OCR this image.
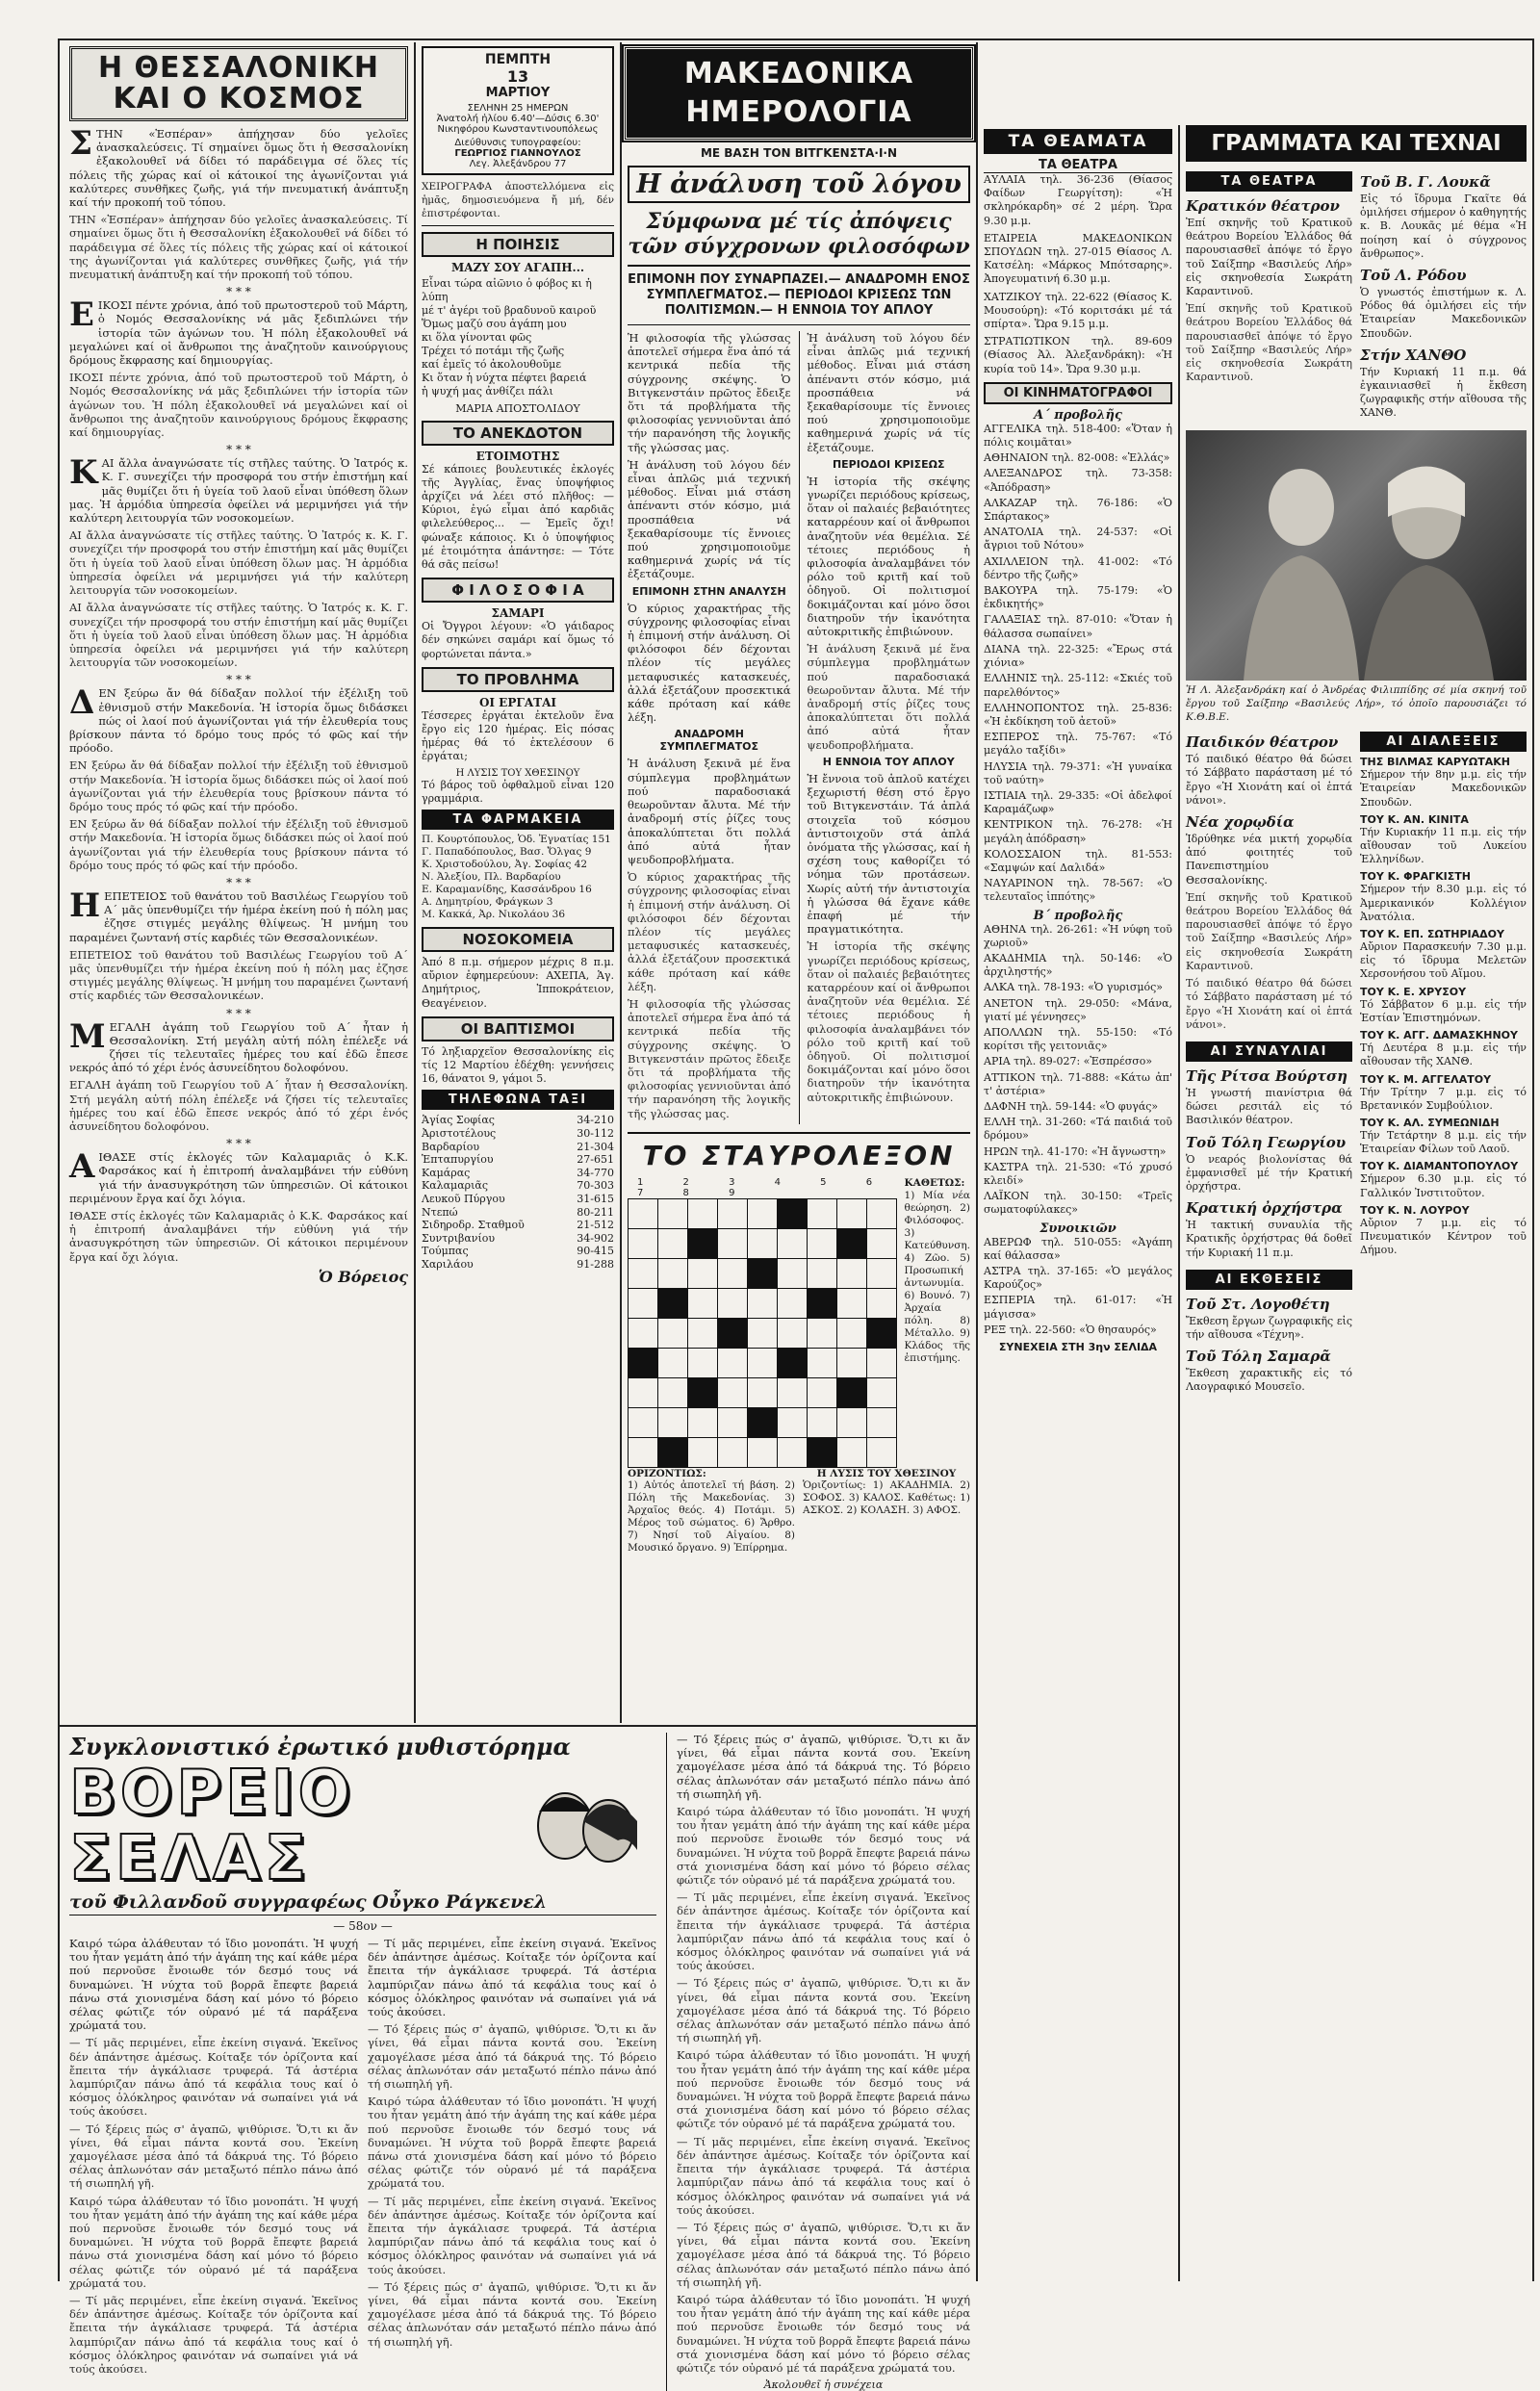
Η ΘΕΣΣΑΛΟΝΙΚΗ ΚΑΙ Ο ΚΟΣΜΟΣ

ΣΤΗΝ «Ἑσπέραν» ἀπήχησαν δύο γελοῖες ἀνασκαλεύσεις. Τί σημαίνει ὅμως ὅτι ἡ Θεσσαλονίκη ἐξακολουθεῖ νά δίδει τό παράδειγμα σέ ὅλες τίς πόλεις τῆς χώρας καί οἱ κάτοικοί της ἀγωνίζονται γιά καλύτερες συνθῆκες ζωῆς, γιά τήν πνευματική ἀνάπτυξη καί τήν προκοπή τοῦ τόπου.

ΤΗΝ «Ἑσπέραν» ἀπήχησαν δύο γελοῖες ἀνασκαλεύσεις. Τί σημαίνει ὅμως ὅτι ἡ Θεσσαλονίκη ἐξακολουθεῖ νά δίδει τό παράδειγμα σέ ὅλες τίς πόλεις τῆς χώρας καί οἱ κάτοικοί της ἀγωνίζονται γιά καλύτερες συνθῆκες ζωῆς, γιά τήν πνευματική ἀνάπτυξη καί τήν προκοπή τοῦ τόπου.

* * *

ΕΙΚΟΣΙ πέντε χρόνια, ἀπό τοῦ πρωτοστεροῦ τοῦ Μάρτη, ὁ Νομός Θεσσαλονίκης νά μᾶς ξεδιπλώνει τήν ἱστορία τῶν ἀγώνων του. Ἡ πόλη ἐξακολουθεῖ νά μεγαλώνει καί οἱ ἄνθρωποι της ἀναζητοῦν καινούργιους δρόμους ἔκφρασης καί δημιουργίας.

ΙΚΟΣΙ πέντε χρόνια, ἀπό τοῦ πρωτοστεροῦ τοῦ Μάρτη, ὁ Νομός Θεσσαλονίκης νά μᾶς ξεδιπλώνει τήν ἱστορία τῶν ἀγώνων του. Ἡ πόλη ἐξακολουθεῖ νά μεγαλώνει καί οἱ ἄνθρωποι της ἀναζητοῦν καινούργιους δρόμους ἔκφρασης καί δημιουργίας.

* * *

ΚΑΙ ἄλλα ἀναγνώσατε τίς στῆλες ταύτης. Ὁ Ἰατρός κ. Κ. Γ. συνεχίζει τήν προσφορά του στήν ἐπιστήμη καί μᾶς θυμίζει ὅτι ἡ ὑγεία τοῦ λαοῦ εἶναι ὑπόθεση ὅλων μας. Ἡ ἀρμόδια ὑπηρεσία ὀφείλει νά μεριμνήσει γιά τήν καλύτερη λειτουργία τῶν νοσοκομείων.

ΑΙ ἄλλα ἀναγνώσατε τίς στῆλες ταύτης. Ὁ Ἰατρός κ. Κ. Γ. συνεχίζει τήν προσφορά του στήν ἐπιστήμη καί μᾶς θυμίζει ὅτι ἡ ὑγεία τοῦ λαοῦ εἶναι ὑπόθεση ὅλων μας. Ἡ ἀρμόδια ὑπηρεσία ὀφείλει νά μεριμνήσει γιά τήν καλύτερη λειτουργία τῶν νοσοκομείων.

ΑΙ ἄλλα ἀναγνώσατε τίς στῆλες ταύτης. Ὁ Ἰατρός κ. Κ. Γ. συνεχίζει τήν προσφορά του στήν ἐπιστήμη καί μᾶς θυμίζει ὅτι ἡ ὑγεία τοῦ λαοῦ εἶναι ὑπόθεση ὅλων μας. Ἡ ἀρμόδια ὑπηρεσία ὀφείλει νά μεριμνήσει γιά τήν καλύτερη λειτουργία τῶν νοσοκομείων.

* * *

ΔΕΝ ξεύρω ἄν θά δίδαξαν πολλοί τήν ἐξέλιξη τοῦ ἐθνισμοῦ στήν Μακεδονία. Ἡ ἱστορία ὅμως διδάσκει πώς οἱ λαοί πού ἀγωνίζονται γιά τήν ἐλευθερία τους βρίσκουν πάντα τό δρόμο τους πρός τό φῶς καί τήν πρόοδο.

ΕΝ ξεύρω ἄν θά δίδαξαν πολλοί τήν ἐξέλιξη τοῦ ἐθνισμοῦ στήν Μακεδονία. Ἡ ἱστορία ὅμως διδάσκει πώς οἱ λαοί πού ἀγωνίζονται γιά τήν ἐλευθερία τους βρίσκουν πάντα τό δρόμο τους πρός τό φῶς καί τήν πρόοδο.

ΕΝ ξεύρω ἄν θά δίδαξαν πολλοί τήν ἐξέλιξη τοῦ ἐθνισμοῦ στήν Μακεδονία. Ἡ ἱστορία ὅμως διδάσκει πώς οἱ λαοί πού ἀγωνίζονται γιά τήν ἐλευθερία τους βρίσκουν πάντα τό δρόμο τους πρός τό φῶς καί τήν πρόοδο.

* * *

ΗΕΠΕΤΕΙΟΣ τοῦ θανάτου τοῦ Βασιλέως Γεωργίου τοῦ Α΄ μᾶς ὑπενθυμίζει τήν ἡμέρα ἐκείνη πού ἡ πόλη μας ἐζησε στιγμές μεγάλης θλίψεως. Ἡ μνήμη του παραμένει ζωντανή στίς καρδιές τῶν Θεσσαλονικέων.

ΕΠΕΤΕΙΟΣ τοῦ θανάτου τοῦ Βασιλέως Γεωργίου τοῦ Α΄ μᾶς ὑπενθυμίζει τήν ἡμέρα ἐκείνη πού ἡ πόλη μας ἐζησε στιγμές μεγάλης θλίψεως. Ἡ μνήμη του παραμένει ζωντανή στίς καρδιές τῶν Θεσσαλονικέων.

* * *

ΜΕΓΑΛΗ ἀγάπη τοῦ Γεωργίου τοῦ Α΄ ἦταν ἡ Θεσσαλονίκη. Στή μεγάλη αὐτή πόλη ἐπέλεξε νά ζήσει τίς τελευταῖες ἡμέρες του καί ἐδῶ ἔπεσε νεκρός ἀπό τό χέρι ἑνός ἀσυνείδητου δολοφόνου.

ΕΓΑΛΗ ἀγάπη τοῦ Γεωργίου τοῦ Α΄ ἦταν ἡ Θεσσαλονίκη. Στή μεγάλη αὐτή πόλη ἐπέλεξε νά ζήσει τίς τελευταῖες ἡμέρες του καί ἐδῶ ἔπεσε νεκρός ἀπό τό χέρι ἑνός ἀσυνείδητου δολοφόνου.

* * *

ΑΙΘΑΣΕ στίς ἐκλογές τῶν Καλαμαριᾶς ὁ Κ.Κ. Φαρσάκος καί ἡ ἐπιτροπή ἀναλαμβάνει τήν εὐθύνη γιά τήν ἀνασυγκρότηση τῶν ὑπηρεσιῶν. Οἱ κάτοικοι περιμένουν ἔργα καί ὄχι λόγια.

ΙΘΑΣΕ στίς ἐκλογές τῶν Καλαμαριᾶς ὁ Κ.Κ. Φαρσάκος καί ἡ ἐπιτροπή ἀναλαμβάνει τήν εὐθύνη γιά τήν ἀνασυγκρότηση τῶν ὑπηρεσιῶν. Οἱ κάτοικοι περιμένουν ἔργα καί ὄχι λόγια.

Ὁ Βόρειος
ΠΕΜΠΤΗ
13
ΜΑΡΤΙΟΥ
ΣΕΛΗΝΗ 25 ΗΜΕΡΩΝ
Ἀνατολή ἡλίου 6.40'—Δύσις 6.30'
Νικηφόρου Κωνσταντινουπόλεως
Διεύθυνσις τυπογραφείου:
ΓΕΩΡΓΙΟΣ ΓΙΑΝΝΟΥΛΟΣ
Λεγ. Ἀλεξάνδρου 77

ΧΕΙΡΟΓΡΑΦΑ ἀποστελλόμενα εἰς ἡμᾶς, δημοσιευόμενα ἤ μή, δέν ἐπιστρέφονται.

Η ΠΟΙΗΣΙΣ
ΜΑΖΥ ΣΟΥ ΑΓΑΠΗ...
Εἶναι τώρα αἰῶνιο ὁ φόβος κι ἡ λύπη
μέ τ' ἀγέρι τοῦ βραδυνοῦ καιροῦ
Ὅμως μαζύ σου ἀγάπη μου
κι ὅλα γίνονται φῶς
Τρέχει τό ποτάμι τῆς ζωῆς
καί ἐμεῖς τό ἀκολουθοῦμε
Κι ὅταν ἡ νύχτα πέφτει βαρειά
ἡ ψυχή μας ἀνθίζει πάλι
ΜΑΡΙΑ ΑΠΟΣΤΟΛΙΔΟΥ
ΤΟ ΑΝΕΚΔΟΤΟΝ
ΕΤΟΙΜΟΤΗΣ

Σέ κάποιες βουλευτικές ἐκλογές τῆς Ἀγγλίας, ἕνας ὑποψήφιος ἀρχίζει νά λέει στό πλῆθος: — Κύριοι, ἐγώ εἶμαι ἀπό καρδιᾶς φιλελεύθερος... — Ἐμεῖς ὄχι! φώναξε κάποιος. Κι ὁ ὑποψήφιος μέ ἑτοιμότητα ἀπάντησε: — Τότε θά σᾶς πείσω!

Φ Ι Λ Ο Σ Ο Φ Ι Α
ΣΑΜΑΡΙ

Οἱ Ὄγγροι λέγουν: «Ὁ γάιδαρος δέν σηκώνει σαμάρι καί ὅμως τό φορτώνεται πάντα.»

ΤΟ ΠΡΟΒΛΗΜΑ
ΟΙ ΕΡΓΑΤΑΙ

Τέσσερες ἐργάται ἐκτελοῦν ἕνα ἔργο εἰς 120 ἡμέρας. Εἰς πόσας ἡμέρας θά τό ἐκτελέσουν 6 ἐργάται;

Η ΛΥΣΙΣ ΤΟΥ ΧΘΕΣΙΝΟΥ

Τό βάρος τοῦ ὀφθαλμοῦ εἶναι 120 γραμμάρια.

ΤΑ ΦΑΡΜΑΚΕΙΑ
Π. Κουρτόπουλος, Ὁδ. Ἐγνατίας 151
Γ. Παπαδόπουλος, Βασ. Ὄλγας 9
Κ. Χριστοδούλου, Ἀγ. Σοφίας 42
Ν. Ἀλεξίου, Πλ. Βαρδαρίου
Ε. Καραμανίδης, Κασσάνδρου 16
Α. Δημητρίου, Φράγκων 3
Μ. Κακκά, Ἀρ. Νικολάου 36
ΝΟΣΟΚΟΜΕΙΑ

Ἀπό 8 π.μ. σήμερον μέχρις 8 π.μ. αὔριον ἐφημερεύουν: ΑΧΕΠΑ, Ἁγ. Δημήτριος, Ἱπποκράτειον, Θεαγένειον.

ΟΙ ΒΑΠΤΙΣΜΟΙ

Τό ληξιαρχεῖον Θεσσαλονίκης εἰς τίς 12 Μαρτίου ἐδέχθη: γεννήσεις 16, θάνατοι 9, γάμοι 5.

ΤΗΛΕΦΩΝΑ ΤΑΞΙ
Ἁγίας Σοφίας	34-210
Ἀριστοτέλους	30-112
Βαρδαρίου	21-304
Ἑπταπυργίου	27-651
Καμάρας	34-770
Καλαμαριᾶς	70-303
Λευκοῦ Πύργου	31-615
Ντεπώ	80-211
Σιδηροδρ. Σταθμοῦ	21-512
Συντριβανίου	34-902
Τούμπας	90-415
Χαριλάου	91-288
ΜΑΚΕΔΟΝΙΚΑ ΗΜΕΡΟΛΟΓΙΑ
ΜΕ ΒΑΣΗ ΤΟΝ ΒΙΤΓΚΕΝΣΤΑ·Ι·Ν
Η ἀνάλυση τοῦ λόγου
Σύμφωνα μέ τίς ἀπόψεις τῶν σύγχρονων φιλοσόφων
ΕΠΙΜΟΝΗ ΠΟΥ ΣΥΝΑΡΠΑΖΕΙ.— ΑΝΑΔΡΟΜΗ ΕΝΟΣ ΣΥΜΠΛΕΓΜΑΤΟΣ.— ΠΕΡΙΟΔΟΙ ΚΡΙΣΕΩΣ ΤΩΝ ΠΟΛΙΤΙΣΜΩΝ.— Η ΕΝΝΟΙΑ ΤΟΥ ΑΠΛΟΥ

Ἡ φιλοσοφία τῆς γλώσσας ἀποτελεῖ σήμερα ἕνα ἀπό τά κεντρικά πεδία τῆς σύγχρονης σκέψης. Ὁ Βιτγκενστάιν πρῶτος ἔδειξε ὅτι τά προβλήματα τῆς φιλοσοφίας γεννιοῦνται ἀπό τήν παρανόηση τῆς λογικῆς τῆς γλώσσας μας.

Ἡ ἀνάλυση τοῦ λόγου δέν εἶναι ἁπλῶς μιά τεχνική μέθοδος. Εἶναι μιά στάση ἀπέναντι στόν κόσμο, μιά προσπάθεια νά ξεκαθαρίσουμε τίς ἔννοιες πού χρησιμοποιοῦμε καθημερινά χωρίς νά τίς ἐξετάζουμε.

ΕΠΙΜΟΝΗ ΣΤΗΝ ΑΝΑΛΥΣΗ

Ὁ κύριος χαρακτήρας τῆς σύγχρονης φιλοσοφίας εἶναι ἡ ἐπιμονή στήν ἀνάλυση. Οἱ φιλόσοφοι δέν δέχονται πλέον τίς μεγάλες μεταφυσικές κατασκευές, ἀλλά ἐξετάζουν προσεκτικά κάθε πρόταση καί κάθε λέξη.

ΑΝΑΔΡΟΜΗ ΣΥΜΠΛΕΓΜΑΤΟΣ

Ἡ ἀνάλυση ξεκινᾶ μέ ἕνα σύμπλεγμα προβλημάτων πού παραδοσιακά θεωροῦνταν ἄλυτα. Μέ τήν ἀναδρομή στίς ῥίζες τους ἀποκαλύπτεται ὅτι πολλά ἀπό αὐτά ἦταν ψευδοπροβλήματα.

Ὁ κύριος χαρακτήρας τῆς σύγχρονης φιλοσοφίας εἶναι ἡ ἐπιμονή στήν ἀνάλυση. Οἱ φιλόσοφοι δέν δέχονται πλέον τίς μεγάλες μεταφυσικές κατασκευές, ἀλλά ἐξετάζουν προσεκτικά κάθε πρόταση καί κάθε λέξη.

Ἡ φιλοσοφία τῆς γλώσσας ἀποτελεῖ σήμερα ἕνα ἀπό τά κεντρικά πεδία τῆς σύγχρονης σκέψης. Ὁ Βιτγκενστάιν πρῶτος ἔδειξε ὅτι τά προβλήματα τῆς φιλοσοφίας γεννιοῦνται ἀπό τήν παρανόηση τῆς λογικῆς τῆς γλώσσας μας.

Ἡ ἀνάλυση τοῦ λόγου δέν εἶναι ἁπλῶς μιά τεχνική μέθοδος. Εἶναι μιά στάση ἀπέναντι στόν κόσμο, μιά προσπάθεια νά ξεκαθαρίσουμε τίς ἔννοιες πού χρησιμοποιοῦμε καθημερινά χωρίς νά τίς ἐξετάζουμε.

ΠΕΡΙΟΔΟΙ ΚΡΙΣΕΩΣ

Ἡ ἱστορία τῆς σκέψης γνωρίζει περιόδους κρίσεως, ὅταν οἱ παλαιές βεβαιότητες καταρρέουν καί οἱ ἄνθρωποι ἀναζητοῦν νέα θεμέλια. Σέ τέτοιες περιόδους ἡ φιλοσοφία ἀναλαμβάνει τόν ρόλο τοῦ κριτῆ καί τοῦ ὁδηγοῦ. Οἱ πολιτισμοί δοκιμάζονται καί μόνο ὅσοι διατηροῦν τήν ἱκανότητα αὐτοκριτικῆς ἐπιβιώνουν.

Ἡ ἀνάλυση ξεκινᾶ μέ ἕνα σύμπλεγμα προβλημάτων πού παραδοσιακά θεωροῦνταν ἄλυτα. Μέ τήν ἀναδρομή στίς ῥίζες τους ἀποκαλύπτεται ὅτι πολλά ἀπό αὐτά ἦταν ψευδοπροβλήματα.

Η ΕΝΝΟΙΑ ΤΟΥ ΑΠΛΟΥ

Ἡ ἔννοια τοῦ ἁπλοῦ κατέχει ξεχωριστή θέση στό ἔργο τοῦ Βιτγκενστάιν. Τά ἁπλά στοιχεῖα τοῦ κόσμου ἀντιστοιχοῦν στά ἁπλά ὀνόματα τῆς γλώσσας, καί ἡ σχέση τους καθορίζει τό νόημα τῶν προτάσεων. Χωρίς αὐτή τήν ἀντιστοιχία ἡ γλώσσα θά ἔχανε κάθε ἐπαφή μέ τήν πραγματικότητα.

Ἡ ἱστορία τῆς σκέψης γνωρίζει περιόδους κρίσεως, ὅταν οἱ παλαιές βεβαιότητες καταρρέουν καί οἱ ἄνθρωποι ἀναζητοῦν νέα θεμέλια. Σέ τέτοιες περιόδους ἡ φιλοσοφία ἀναλαμβάνει τόν ρόλο τοῦ κριτῆ καί τοῦ ὁδηγοῦ. Οἱ πολιτισμοί δοκιμάζονται καί μόνο ὅσοι διατηροῦν τήν ἱκανότητα αὐτοκριτικῆς ἐπιβιώνουν.

ΤΟ ΣΤΑΥΡΟΛΕΞΟΝ
1 2 3 4 5 6 7 8 9

ΚΑΘΕΤΩΣ:

1) Μία νέα θεώρηση. 2) Φιλόσοφος. 3) Κατεύθυνση. 4) Ζῶο. 5) Προσωπική ἀντωνυμία. 6) Βουνό. 7) Ἀρχαία πόλη. 8) Μέταλλο. 9) Κλάδος τῆς ἐπιστήμης.

ΟΡΙΖΟΝΤΙΩΣ:

1) Αὐτός ἀποτελεῖ τή βάση. 2) Πόλη τῆς Μακεδονίας. 3) Ἀρχαῖος θεός. 4) Ποτάμι. 5) Μέρος τοῦ σώματος. 6) Ἄρθρο. 7) Νησί τοῦ Αἰγαίου. 8) Μουσικό ὄργανο. 9) Ἐπίρρημα.

Η ΛΥΣΙΣ ΤΟΥ ΧΘΕΣΙΝΟΥ

Ὁριζοντίως: 1) ΑΚΑΔΗΜΙΑ. 2) ΣΟΦΟΣ. 3) ΚΑΛΟΣ. Καθέτως: 1) ΑΣΚΟΣ. 2) ΚΟΛΑΣΗ. 3) ΑΦΟΣ.

ΤΑ ΘΕΑΜΑΤΑ
ΤΑ ΘΕΑΤΡΑ

ΑΥΛΑΙΑ τηλ. 36-236 (Θίασος Φαίδων Γεωργίτση): «Ἡ σκληρόκαρδη» σέ 2 μέρη. Ὥρα 9.30 μ.μ.

ΕΤΑΙΡΕΙΑ ΜΑΚΕΔΟΝΙΚΩΝ ΣΠΟΥΔΩΝ τηλ. 27-015 Θίασος Λ. Κατσέλη: «Μάρκος Μπότσαρης». Ἀπογευματινή 6.30 μ.μ.

ΧΑΤΖΙΚΟΥ τηλ. 22-622 (Θίασος Κ. Μουσούρη): «Τό κοριτσάκι μέ τά σπίρτα». Ὥρα 9.15 μ.μ.

ΣΤΡΑΤΙΩΤΙΚΟΝ τηλ. 89-609 (Θίασος Ἀλ. Ἀλεξανδράκη): «Ἡ κυρία τοῦ 14». Ὥρα 9.30 μ.μ.

ΟΙ ΚΙΝΗΜΑΤΟΓΡΑΦΟΙ
Α΄ προβολῆς

ΑΓΓΕΛΙΚΑ τηλ. 518-400: «Ὅταν ἡ πόλις κοιμᾶται»

ΑΘΗΝΑΙΟΝ τηλ. 82-008: «Ἑλλάς»

ΑΛΕΞΑΝΔΡΟΣ τηλ. 73-358: «Ἀπόδραση»

ΑΛΚΑΖΑΡ τηλ. 76-186: «Ὁ Σπάρτακος»

ΑΝΑΤΟΛΙΑ τηλ. 24-537: «Οἱ ἄγριοι τοῦ Νότου»

ΑΧΙΛΛΕΙΟΝ τηλ. 41-002: «Τό δέντρο τῆς ζωῆς»

ΒΑΚΟΥΡΑ τηλ. 75-179: «Ὁ ἐκδικητής»

ΓΑΛΑΞΙΑΣ τηλ. 87-010: «Ὅταν ἡ θάλασσα σωπαίνει»

ΔΙΑΝΑ τηλ. 22-325: «Ἔρως στά χιόνια»

ΕΛΛΗΝΙΣ τηλ. 25-112: «Σκιές τοῦ παρελθόντος»

ΕΛΛΗΝΟΠΟΝΤΟΣ τηλ. 25-836: «Ἡ ἐκδίκηση τοῦ ἀετοῦ»

ΕΣΠΕΡΟΣ τηλ. 75-767: «Τό μεγάλο ταξίδι»

ΗΛΥΣΙΑ τηλ. 79-371: «Ἡ γυναίκα τοῦ ναύτη»

ΙΣΤΙΑΙΑ τηλ. 29-335: «Οἱ ἀδελφοί Καραμάζωφ»

ΚΕΝΤΡΙΚΟΝ τηλ. 76-278: «Ἡ μεγάλη ἀπόδραση»

ΚΟΛΟΣΣΑΙΟΝ τηλ. 81-553: «Σαμψών καί Δαλιδά»

ΝΑΥΑΡΙΝΟΝ τηλ. 78-567: «Ὁ τελευταῖος ἱππότης»

Β΄ προβολῆς

ΑΘΗΝΑ τηλ. 26-261: «Ἡ νύφη τοῦ χωριοῦ»

ΑΚΑΔΗΜΙΑ τηλ. 50-146: «Ὁ ἀρχιληστής»

ΑΛΚΑ τηλ. 78-193: «Ὁ γυρισμός»

ΑΝΕΤΟΝ τηλ. 29-050: «Μάνα, γιατί μέ γέννησες»

ΑΠΟΛΛΩΝ τηλ. 55-150: «Τό κορίτσι τῆς γειτονιᾶς»

ΑΡΙΑ τηλ. 89-027: «Ἐσπρέσσο»

ΑΤΤΙΚΟΝ τηλ. 71-888: «Κάτω ἀπ' τ' ἀστέρια»

ΔΑΦΝΗ τηλ. 59-144: «Ὁ φυγάς»

ΕΛΛΗ τηλ. 31-260: «Τά παιδιά τοῦ δρόμου»

ΗΡΩΝ τηλ. 41-170: «Ἡ ἄγνωστη»

ΚΑΣΤΡΑ τηλ. 21-530: «Τό χρυσό κλειδί»

ΛΑΪΚΟΝ τηλ. 30-150: «Τρεῖς σωματοφύλακες»

Συνοικιῶν

ΑΒΕΡΩΦ τηλ. 510-055: «Ἀγάπη καί θάλασσα»

ΑΣΤΡΑ τηλ. 37-165: «Ὁ μεγάλος Καρούζος»

ΕΣΠΕΡΙΑ τηλ. 61-017: «Ἡ μάγισσα»

ΡΕΞ τηλ. 22-560: «Ὁ θησαυρός»

ΣΥΝΕΧΕΙΑ ΣΤΗ 3ην ΣΕΛΙΔΑ
ΓΡΑΜΜΑΤΑ ΚΑΙ ΤΕΧΝΑΙ
ΤΑ ΘΕΑΤΡΑ
Κρατικόν θέατρον

Ἐπί σκηνῆς τοῦ Κρατικοῦ θεάτρου Βορείου Ἑλλάδος θά παρουσιασθεῖ ἀπόψε τό ἔργο τοῦ Σαίξπηρ «Βασιλεύς Λήρ» εἰς σκηνοθεσία Σωκράτη Καραντινοῦ.

Ἐπί σκηνῆς τοῦ Κρατικοῦ θεάτρου Βορείου Ἑλλάδος θά παρουσιασθεῖ ἀπόψε τό ἔργο τοῦ Σαίξπηρ «Βασιλεύς Λήρ» εἰς σκηνοθεσία Σωκράτη Καραντινοῦ.

Τοῦ Β. Γ. Λουκᾶ

Εἰς τό ἴδρυμα Γκαῖτε θά ὁμιλήσει σήμερον ὁ καθηγητής κ. Β. Λουκᾶς μέ θέμα «Ἡ ποίηση καί ὁ σύγχρονος ἄνθρωπος».

Τοῦ Λ. Ρόδου

Ὁ γνωστός ἐπιστήμων κ. Λ. Ρόδος θά ὁμιλήσει εἰς τήν Ἑταιρείαν Μακεδονικῶν Σπουδῶν.

Στήν ΧΑΝΘΟ

Τήν Κυριακή 11 π.μ. θά ἐγκαινιασθεῖ ἡ ἔκθεση ζωγραφικῆς στήν αἴθουσα τῆς ΧΑΝΘ.

Ἡ Λ. Ἀλεξανδράκη καί ὁ Ἀνδρέας Φιλιππίδης σέ μία σκηνή τοῦ ἔργου τοῦ Σαίξπηρ «Βασιλεύς Λήρ», τό ὁποῖο παρουσιάζει τό Κ.Θ.Β.Ε.

Παιδικόν θέατρον

Τό παιδικό θέατρο θά δώσει τό Σάββατο παράσταση μέ τό ἔργο «Ἡ Χιονάτη καί οἱ ἑπτά νάνοι».

Νέα χορῳδία

Ἱδρύθηκε νέα μικτή χορῳδία ἀπό φοιτητές τοῦ Πανεπιστημίου Θεσσαλονίκης.

Ἐπί σκηνῆς τοῦ Κρατικοῦ θεάτρου Βορείου Ἑλλάδος θά παρουσιασθεῖ ἀπόψε τό ἔργο τοῦ Σαίξπηρ «Βασιλεύς Λήρ» εἰς σκηνοθεσία Σωκράτη Καραντινοῦ.

Τό παιδικό θέατρο θά δώσει τό Σάββατο παράσταση μέ τό ἔργο «Ἡ Χιονάτη καί οἱ ἑπτά νάνοι».

ΑΙ ΣΥΝΑΥΛΙΑΙ
Τῆς Ρίτσα Βούρτση

Ἡ γνωστή πιανίστρια θά δώσει ρεσιτάλ εἰς τό Βασιλικόν θέατρον.

Τοῦ Τόλη Γεωργίου

Ὁ νεαρός βιολονίστας θά ἐμφανισθεῖ μέ τήν Κρατική ὀρχήστρα.

Κρατική ὀρχήστρα

Ἡ τακτική συναυλία τῆς Κρατικῆς ὀρχήστρας θά δοθεῖ τήν Κυριακή 11 π.μ.

ΑΙ ΕΚΘΕΣΕΙΣ
Τοῦ Στ. Λογοθέτη

Ἔκθεση ἔργων ζωγραφικῆς εἰς τήν αἴθουσα «Τέχνη».

Τοῦ Τόλη Σαμαρᾶ

Ἔκθεση χαρακτικῆς εἰς τό Λαογραφικό Μουσεῖο.

ΑΙ ΔΙΑΛΕΞΕΙΣ
ΤΗΣ ΒΙΛΜΑΣ ΚΑΡΥΩΤΑΚΗ

Σήμερον τήν 8ην μ.μ. εἰς τήν Ἑταιρείαν Μακεδονικῶν Σπουδῶν.

ΤΟΥ Κ. ΑΝ. ΚΙΝΙΤΑ

Τήν Κυριακήν 11 π.μ. εἰς τήν αἴθουσαν τοῦ Λυκείου Ἑλληνίδων.

ΤΟΥ Κ. ΦΡΑΓΚΙΣΤΗ

Σήμερον τήν 8.30 μ.μ. εἰς τό Ἀμερικανικόν Κολλέγιον Ἀνατόλια.

ΤΟΥ Κ. ΕΠ. ΣΩΤΗΡΙΑΔΟΥ

Αὔριον Παρασκευήν 7.30 μ.μ. εἰς τό ἴδρυμα Μελετῶν Χερσονήσου τοῦ Αἵμου.

ΤΟΥ Κ. Ε. ΧΡΥΣΟΥ

Τό Σάββατον 6 μ.μ. εἰς τήν Ἑστίαν Ἐπιστημόνων.

ΤΟΥ Κ. ΑΓΓ. ΔΑΜΑΣΚΗΝΟΥ

Τή Δευτέρα 8 μ.μ. εἰς τήν αἴθουσαν τῆς ΧΑΝΘ.

ΤΟΥ Κ. Μ. ΑΓΓΕΛΑΤΟΥ

Τήν Τρίτην 7 μ.μ. εἰς τό Βρετανικόν Συμβούλιον.

ΤΟΥ Κ. ΑΛ. ΣΥΜΕΩΝΙΔΗ

Τήν Τετάρτην 8 μ.μ. εἰς τήν Ἑταιρείαν Φίλων τοῦ Λαοῦ.

ΤΟΥ Κ. ΔΙΑΜΑΝΤΟΠΟΥΛΟΥ

Σήμερον 6.30 μ.μ. εἰς τό Γαλλικόν Ἰνστιτοῦτον.

ΤΟΥ Κ. Ν. ΛΟΥΡΟΥ

Αὔριον 7 μ.μ. εἰς τό Πνευματικόν Κέντρον τοῦ Δήμου.

Συγκλονιστικό ἐρωτικό μυθιστόρημα
ΒΟΡΕΙΟ ΣΕΛΑΣ
τοῦ Φιλλανδοῦ συγγραφέως Οὖγκο Ράγκενελ
— 58ον —

Καιρό τώρα ἀλάθευταν τό ἴδιο μονοπάτι. Ἡ ψυχή του ἦταν γεμάτη ἀπό τήν ἀγάπη της καί κάθε μέρα πού περνοῦσε ἔνοιωθε τόν δεσμό τους νά δυναμώνει. Ἡ νύχτα τοῦ βορρᾶ ἔπεφτε βαρειά πάνω στά χιονισμένα δάση καί μόνο τό βόρειο σέλας φώτιζε τόν οὐρανό μέ τά παράξενα χρώματά του.

— Τί μᾶς περιμένει, εἶπε ἐκείνη σιγανά. Ἐκεῖνος δέν ἀπάντησε ἀμέσως. Κοίταξε τόν ὁρίζοντα καί ἔπειτα τήν ἀγκάλιασε τρυφερά. Τά ἀστέρια λαμπύριζαν πάνω ἀπό τά κεφάλια τους καί ὁ κόσμος ὁλόκληρος φαινόταν νά σωπαίνει γιά νά τούς ἀκούσει.

— Τό ξέρεις πώς σ' ἀγαπῶ, ψιθύρισε. Ὅ,τι κι ἄν γίνει, θά εἶμαι πάντα κοντά σου. Ἐκείνη χαμογέλασε μέσα ἀπό τά δάκρυά της. Τό βόρειο σέλας ἀπλωνόταν σάν μεταξωτό πέπλο πάνω ἀπό τή σιωπηλή γῆ.

Καιρό τώρα ἀλάθευταν τό ἴδιο μονοπάτι. Ἡ ψυχή του ἦταν γεμάτη ἀπό τήν ἀγάπη της καί κάθε μέρα πού περνοῦσε ἔνοιωθε τόν δεσμό τους νά δυναμώνει. Ἡ νύχτα τοῦ βορρᾶ ἔπεφτε βαρειά πάνω στά χιονισμένα δάση καί μόνο τό βόρειο σέλας φώτιζε τόν οὐρανό μέ τά παράξενα χρώματά του.

— Τί μᾶς περιμένει, εἶπε ἐκείνη σιγανά. Ἐκεῖνος δέν ἀπάντησε ἀμέσως. Κοίταξε τόν ὁρίζοντα καί ἔπειτα τήν ἀγκάλιασε τρυφερά. Τά ἀστέρια λαμπύριζαν πάνω ἀπό τά κεφάλια τους καί ὁ κόσμος ὁλόκληρος φαινόταν νά σωπαίνει γιά νά τούς ἀκούσει.

— Τί μᾶς περιμένει, εἶπε ἐκείνη σιγανά. Ἐκεῖνος δέν ἀπάντησε ἀμέσως. Κοίταξε τόν ὁρίζοντα καί ἔπειτα τήν ἀγκάλιασε τρυφερά. Τά ἀστέρια λαμπύριζαν πάνω ἀπό τά κεφάλια τους καί ὁ κόσμος ὁλόκληρος φαινόταν νά σωπαίνει γιά νά τούς ἀκούσει.

— Τό ξέρεις πώς σ' ἀγαπῶ, ψιθύρισε. Ὅ,τι κι ἄν γίνει, θά εἶμαι πάντα κοντά σου. Ἐκείνη χαμογέλασε μέσα ἀπό τά δάκρυά της. Τό βόρειο σέλας ἀπλωνόταν σάν μεταξωτό πέπλο πάνω ἀπό τή σιωπηλή γῆ.

Καιρό τώρα ἀλάθευταν τό ἴδιο μονοπάτι. Ἡ ψυχή του ἦταν γεμάτη ἀπό τήν ἀγάπη της καί κάθε μέρα πού περνοῦσε ἔνοιωθε τόν δεσμό τους νά δυναμώνει. Ἡ νύχτα τοῦ βορρᾶ ἔπεφτε βαρειά πάνω στά χιονισμένα δάση καί μόνο τό βόρειο σέλας φώτιζε τόν οὐρανό μέ τά παράξενα χρώματά του.

— Τί μᾶς περιμένει, εἶπε ἐκείνη σιγανά. Ἐκεῖνος δέν ἀπάντησε ἀμέσως. Κοίταξε τόν ὁρίζοντα καί ἔπειτα τήν ἀγκάλιασε τρυφερά. Τά ἀστέρια λαμπύριζαν πάνω ἀπό τά κεφάλια τους καί ὁ κόσμος ὁλόκληρος φαινόταν νά σωπαίνει γιά νά τούς ἀκούσει.

— Τό ξέρεις πώς σ' ἀγαπῶ, ψιθύρισε. Ὅ,τι κι ἄν γίνει, θά εἶμαι πάντα κοντά σου. Ἐκείνη χαμογέλασε μέσα ἀπό τά δάκρυά της. Τό βόρειο σέλας ἀπλωνόταν σάν μεταξωτό πέπλο πάνω ἀπό τή σιωπηλή γῆ.

— Τό ξέρεις πώς σ' ἀγαπῶ, ψιθύρισε. Ὅ,τι κι ἄν γίνει, θά εἶμαι πάντα κοντά σου. Ἐκείνη χαμογέλασε μέσα ἀπό τά δάκρυά της. Τό βόρειο σέλας ἀπλωνόταν σάν μεταξωτό πέπλο πάνω ἀπό τή σιωπηλή γῆ.

Καιρό τώρα ἀλάθευταν τό ἴδιο μονοπάτι. Ἡ ψυχή του ἦταν γεμάτη ἀπό τήν ἀγάπη της καί κάθε μέρα πού περνοῦσε ἔνοιωθε τόν δεσμό τους νά δυναμώνει. Ἡ νύχτα τοῦ βορρᾶ ἔπεφτε βαρειά πάνω στά χιονισμένα δάση καί μόνο τό βόρειο σέλας φώτιζε τόν οὐρανό μέ τά παράξενα χρώματά του.

— Τί μᾶς περιμένει, εἶπε ἐκείνη σιγανά. Ἐκεῖνος δέν ἀπάντησε ἀμέσως. Κοίταξε τόν ὁρίζοντα καί ἔπειτα τήν ἀγκάλιασε τρυφερά. Τά ἀστέρια λαμπύριζαν πάνω ἀπό τά κεφάλια τους καί ὁ κόσμος ὁλόκληρος φαινόταν νά σωπαίνει γιά νά τούς ἀκούσει.

— Τό ξέρεις πώς σ' ἀγαπῶ, ψιθύρισε. Ὅ,τι κι ἄν γίνει, θά εἶμαι πάντα κοντά σου. Ἐκείνη χαμογέλασε μέσα ἀπό τά δάκρυά της. Τό βόρειο σέλας ἀπλωνόταν σάν μεταξωτό πέπλο πάνω ἀπό τή σιωπηλή γῆ.

Καιρό τώρα ἀλάθευταν τό ἴδιο μονοπάτι. Ἡ ψυχή του ἦταν γεμάτη ἀπό τήν ἀγάπη της καί κάθε μέρα πού περνοῦσε ἔνοιωθε τόν δεσμό τους νά δυναμώνει. Ἡ νύχτα τοῦ βορρᾶ ἔπεφτε βαρειά πάνω στά χιονισμένα δάση καί μόνο τό βόρειο σέλας φώτιζε τόν οὐρανό μέ τά παράξενα χρώματά του.

— Τί μᾶς περιμένει, εἶπε ἐκείνη σιγανά. Ἐκεῖνος δέν ἀπάντησε ἀμέσως. Κοίταξε τόν ὁρίζοντα καί ἔπειτα τήν ἀγκάλιασε τρυφερά. Τά ἀστέρια λαμπύριζαν πάνω ἀπό τά κεφάλια τους καί ὁ κόσμος ὁλόκληρος φαινόταν νά σωπαίνει γιά νά τούς ἀκούσει.

— Τό ξέρεις πώς σ' ἀγαπῶ, ψιθύρισε. Ὅ,τι κι ἄν γίνει, θά εἶμαι πάντα κοντά σου. Ἐκείνη χαμογέλασε μέσα ἀπό τά δάκρυά της. Τό βόρειο σέλας ἀπλωνόταν σάν μεταξωτό πέπλο πάνω ἀπό τή σιωπηλή γῆ.

Καιρό τώρα ἀλάθευταν τό ἴδιο μονοπάτι. Ἡ ψυχή του ἦταν γεμάτη ἀπό τήν ἀγάπη της καί κάθε μέρα πού περνοῦσε ἔνοιωθε τόν δεσμό τους νά δυναμώνει. Ἡ νύχτα τοῦ βορρᾶ ἔπεφτε βαρειά πάνω στά χιονισμένα δάση καί μόνο τό βόρειο σέλας φώτιζε τόν οὐρανό μέ τά παράξενα χρώματά του.

Ἀκολουθεῖ ἡ συνέχεια
